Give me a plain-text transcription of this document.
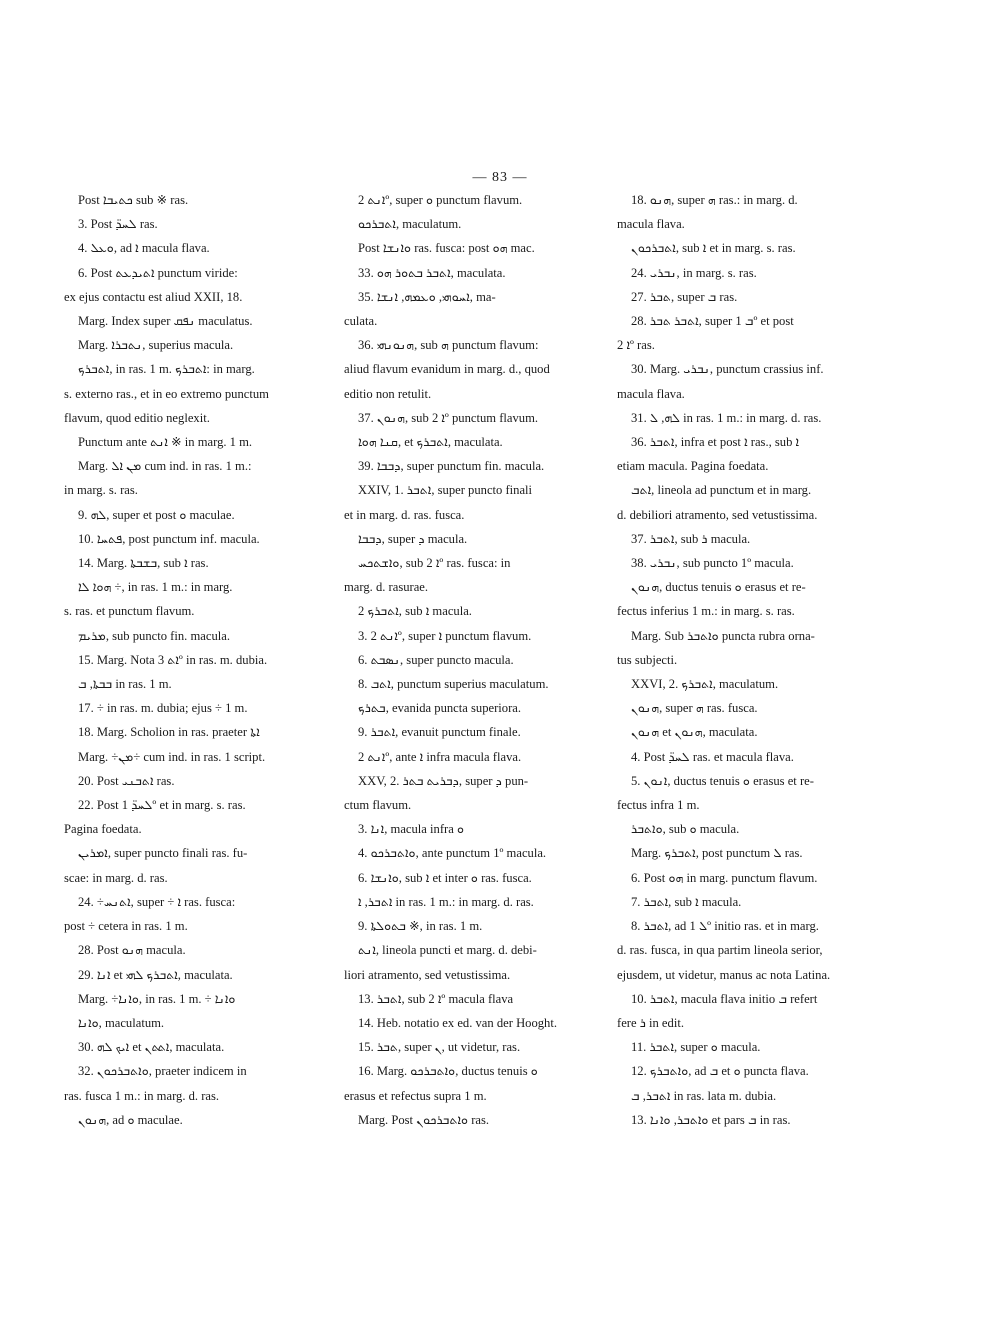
— 83 —
Post ܟܬܝܒܐ sub ※ ras.
3. Post ܠܚܕ̈ ras.
4. ܘܥܠ, ad ܐ macula flava.
6. Post ܐܬܝܕܥܬ punctum viride:
ex ejus contactu est aliud XXII, 18.
Marg. Index super ܢܦܩ maculatus.
Marg. ܢܬܒܪܐ, superius macula.
ܐܬܒܪܟ, in ras. 1 m. ܐܬܒܪܟ: in marg.
s. externo ras., et in eo extremo punctum
flavum, quod editio neglexit.
Punctum ante ܐܢܬ ※ in marg. 1 m.
Marg. ܡܢ ܐܠ cum ind. in ras. 1 m.:
in marg. s. ras.
9. ܠܗ, super et post ܘ maculae.
10. ܦܬܚܐ, post punctum inf. macula.
14. Marg. ܒܫܒܬܐ, sub ܐ ras.
ܗܘܐ ܠܐ ÷, in ras. 1 m.: in marg.
s. ras. et punctum flavum.
ܡܪܝܡ, sub puncto fin. macula.
15. Marg. Nota ܐܬ 3º in ras. m. dubia.
ܒܒܬܐ, ܒ in ras. 1 m.
17. ÷ in ras. m. dubia; ejus ÷ 1 m.
18. Marg. Scholion in ras. praeter ܐܬܐ
Marg. ÷ܡܢ÷ cum ind. in ras. 1 script.
20. Post ܐܬܒܢܝ ras.
22. Post ܠܚܕ̈ 1º et in marg. s. ras.
Pagina foedata.
ܐܡܪܝܢ, super puncto finali ras. fu-
scae: in marg. d. ras.
24. ÷ܐܬܢܚ, super ÷ ܐ ras. fusca:
post ÷ cetera in ras. 1 m.
28. Post ܗܢܘ macula.
29. ܐܢܐ et ܐܬܒܪܟ ܠܗܝ, maculata.
Marg. ÷ܘܐܢܐ, in ras. 1 m. ÷ ܘܐܢܐ
ܘܐܢܐ, maculatum.
30. ܐܝܟ ܠܗ et ܐܬܬܢ, maculata.
32. ܘܐܬܒܪܟܘܢ, praeter indicem in
ras. fusca 1 m.: in marg. d. ras.
ܗܢܘܢ, ad ܘ maculae.
ܐܢܬ 2º, super ܘ punctum flavum.
ܐܬܒܪܟܘ, maculatum.
Post ܘܐܢܫܐ ras. fusca: post ܗܘ mac.
33. ܐܬܒܪ ܒܬܘܪ ܗܘ, maculata.
35. ܐܚܘܗܝ, ܘܥܡܗ, ܐܢܫܐ, ma-
culata.
36. ܗܢܘܢܗܝ, sub ܗ punctum flavum:
aliud flavum evanidum in marg. d., quod
editio non retulit.
37. ܗܢܘܢ, sub ܐ 2º punctum flavum.
ܩܢܐ ܗܘܐ, et ܐܬܒܪܟ, maculata.
39. ܕܒܒܐ, super punctum fin. macula.
XXIV, 1. ܐܬܒܪ, super puncto finali
et in marg. d. ras. fusca.
ܕܒܒܐ, super ܕ macula.
ܘܐܫܬܟܚ, sub ܐ 2º ras. fusca: in
marg. d. rasurae.
2 ܐܬܒܪܟ, sub ܐ macula.
3. ܐܢܬ 2º, super ܐ punctum flavum.
6. ܢܣܒܬ, super puncto macula.
8. ܐܬܒ, punctum superius maculatum.
ܒܬܪܟ, evanida puncta superiora.
9. ܐܬܒܪ, evanuit punctum finale.
ܐܢܬ 2º, ante ܐ infra macula flava.
XXV, 2. ܕܒܪܝܬ ܒܬܪ, super ܕ pun-
ctum flavum.
3. ܐܢܐ, macula infra ܘ
4. ܘܐܬܒܪܟܘ, ante punctum 1º macula.
6. ܘܐܢܫܐ, sub ܐ et inter ܘ ras. fusca.
ܐܬܒܪ, ܐ in ras. 1 m.: in marg. d. ras.
9. ܒܬܘܠܬܐ ※, in ras. 1 m.
ܐܢܬ, lineola puncti et marg. d. debi-
liori atramento, sed vetustissima.
13. ܐܬܒܪ, sub ܐ 2º macula flava
14. Heb. notatio ex ed. van der Hooght.
15. ܬܒܪ, super ܢ, ut videtur, ras.
16. Marg. ܘܐܬܒܪܟܘ, ductus tenuis ܘ
erasus et refectus supra 1 m.
Marg. Post ܘܐܬܒܪܟܘܢ ras.
18. ܗܢܘ, super ܗ ras.: in marg. d.
macula flava.
ܐܬܒܪܟܘܢ, sub ܐ et in marg. s. ras.
24. ܢܒܪܝ, in marg. s. ras.
27. ܬܒܪ, super ܒ ras.
28. ܐܬܒܪ ܬܒܪ, super ܒ 1º et post
ܐ 2º ras.
30. Marg. ܢܒܪܝ, punctum crassius inf.
macula flava.
31. ܠܗ, ܠ in ras. 1 m.: in marg. d. ras.
36. ܐܬܒܪ, infra et post ܐ ras., sub ܐ
etiam macula. Pagina foedata.
ܐܬܒ, lineola ad punctum et in marg.
d. debiliori atramento, sed vetustissima.
37. ܐܬܒܪ, sub ܪ macula.
38. ܢܒܪܝ, sub puncto 1º macula.
ܗܢܘܢ, ductus tenuis ܘ erasus et re-
fectus inferius 1 m.: in marg. s. ras.
Marg. Sub ܘܐܬܒܪ puncta rubra orna-
tus subjecti.
XXVI, 2. ܐܬܒܪܟ, maculatum.
ܗܢܘܢ, super ܗ ras. fusca.
ܗܢܘܢ et ܗܢܘܢ, maculata.
4. Post ܠܚܕ̈ ras. et macula flava.
5. ܐܢܘܢ, ductus tenuis ܘ erasus et re-
fectus infra 1 m.
ܘܐܬܒܪ, sub ܘ macula.
Marg. ܐܬܒܪܟ, post punctum ܠ ras.
6. Post ܗܘ in marg. punctum flavum.
7. ܐܬܒܪ, sub ܐ macula.
8. ܐܬܒܪ, ad ܠ 1º initio ras. et in marg.
d. ras. fusca, in qua partim lineola serior,
ejusdem, ut videtur, manus ac nota Latina.
10. ܐܬܒܪ, macula flava initio ܒ refert
fere ܪ in edit.
11. ܐܬܒܪ, super ܘ macula.
12. ܘܐܬܒܪܟ, ad ܒ et ܘ puncta flava.
ܐܬܒܪ, ܒ in ras. lata m. dubia.
13. ܘܐܬܒܪ, ܘܐܢܐ et pars ܒ in ras.
